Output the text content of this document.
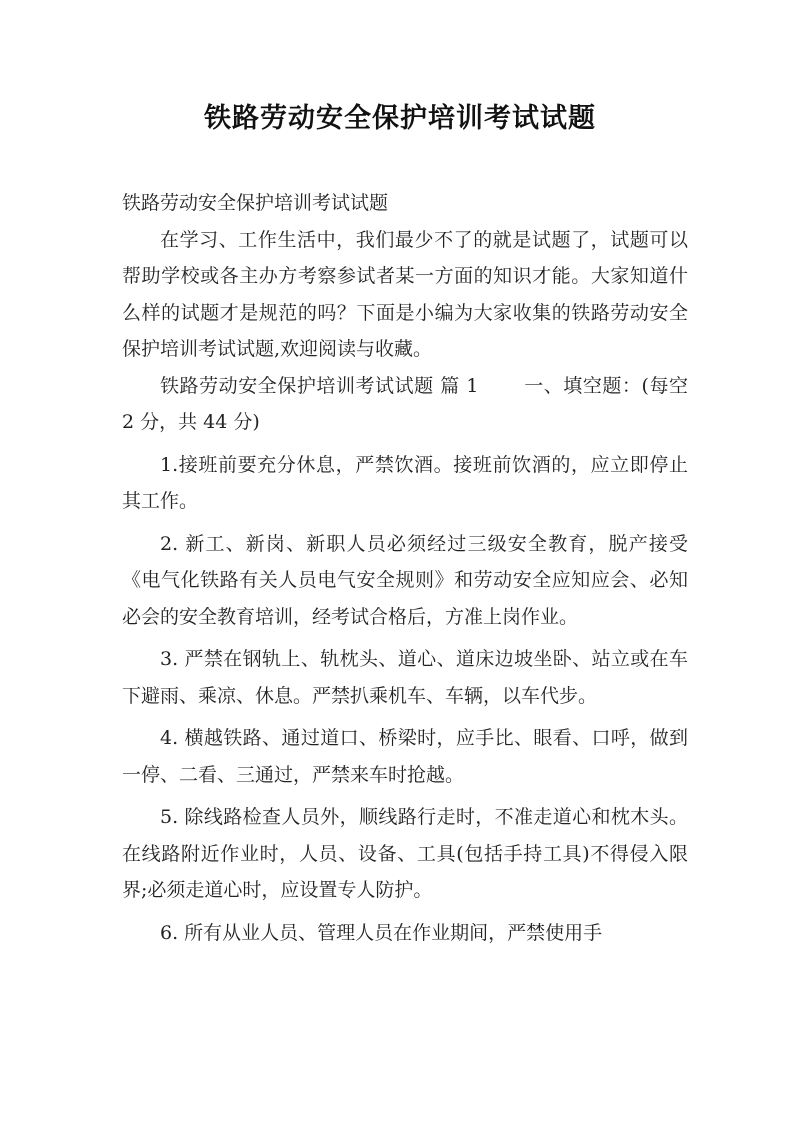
铁路劳动安全保护培训考试试题

铁路劳动安全保护培训考试试题

在学习、工作生活中，我们最少不了的就是试题了，试题可以帮助学校或各主办方考察参试者某一方面的知识才能。大家知道什么样的试题才是规范的吗？下面是小编为大家收集的铁路劳动安全保护培训考试试题,欢迎阅读与收藏。

铁路劳动安全保护培训考试试题 篇 1 　　一、填空题：(每空 2 分，共 44 分)

1.接班前要充分休息，严禁饮酒。接班前饮酒的，应立即停止其工作。

2. 新工、新岗、新职人员必须经过三级安全教育，脱产接受《电气化铁路有关人员电气安全规则》和劳动安全应知应会、必知必会的安全教育培训，经考试合格后，方准上岗作业。

3. 严禁在钢轨上、轨枕头、道心、道床边坡坐卧、站立或在车下避雨、乘凉、休息。严禁扒乘机车、车辆，以车代步。

4. 横越铁路、通过道口、桥梁时，应手比、眼看、口呼，做到一停、二看、三通过，严禁来车时抢越。

5. 除线路检查人员外，顺线路行走时，不准走道心和枕木头。在线路附近作业时，人员、设备、工具(包括手持工具)不得侵入限界;必须走道心时，应设置专人防护。

6. 所有从业人员、管理人员在作业期间，严禁使用手
